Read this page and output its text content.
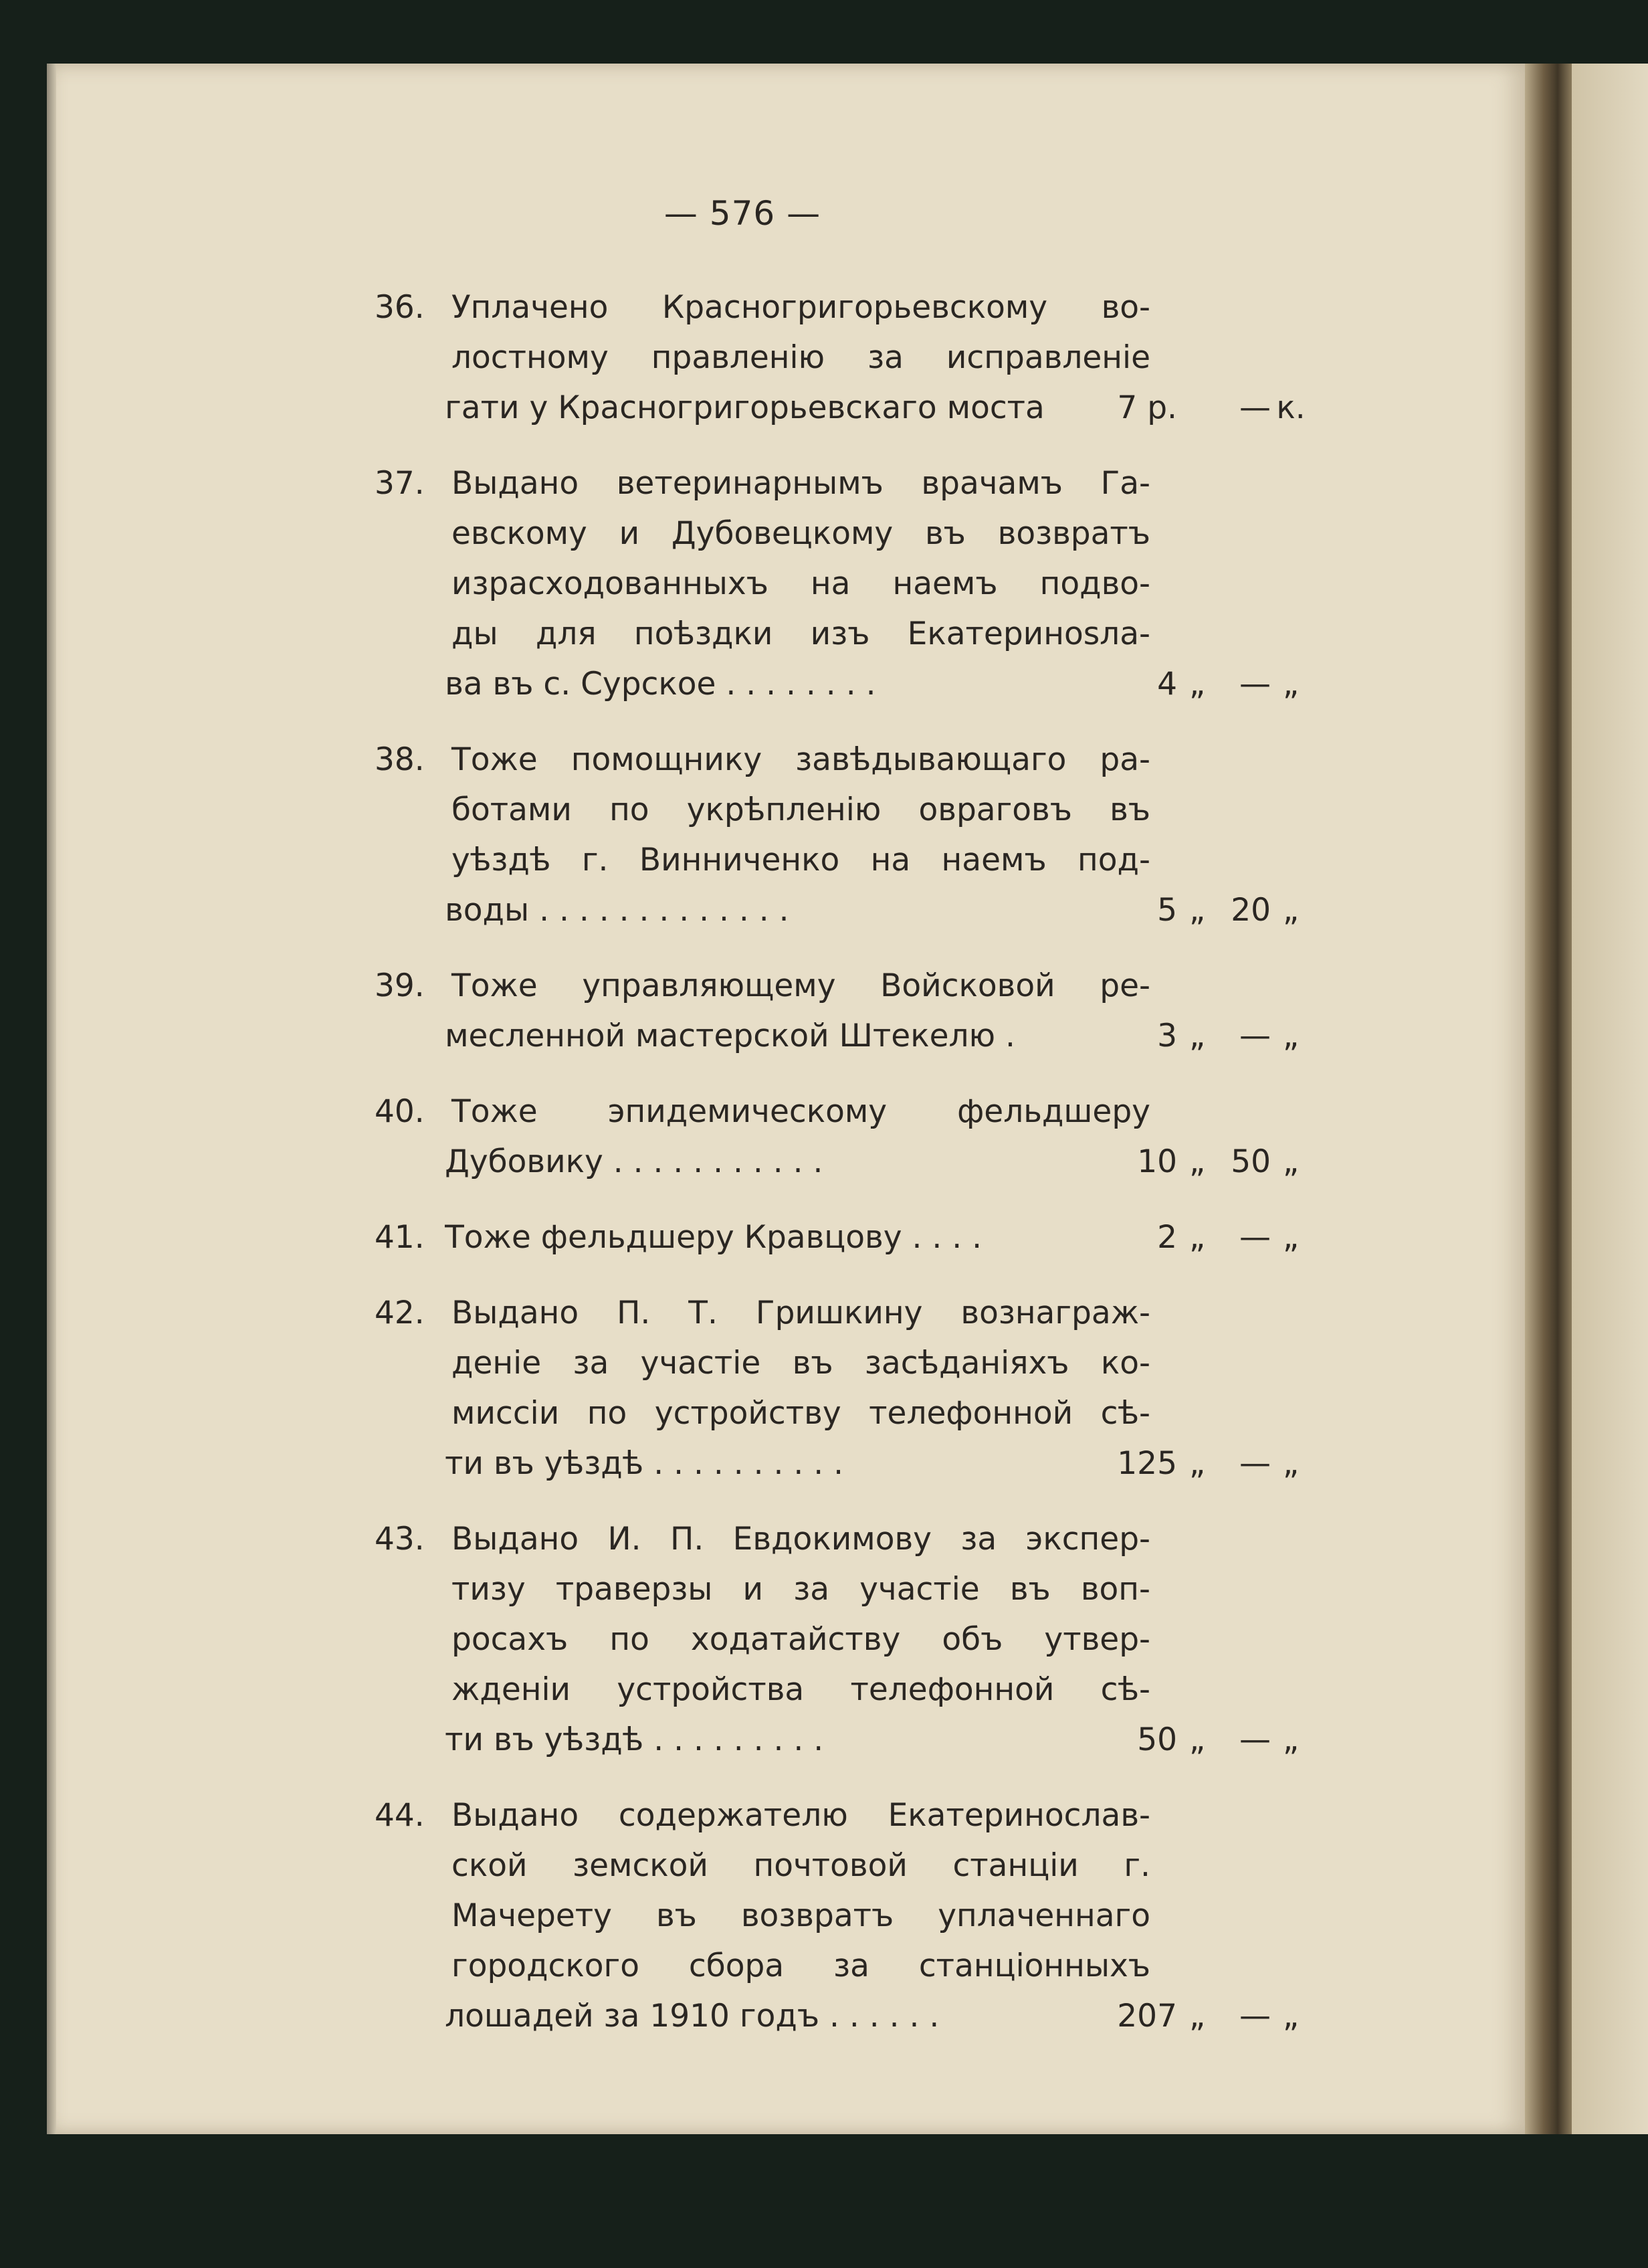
— 576 —
36. Уплачено Красногригорьевскому во-
лостному правленію за исправленіе
гати у Красногригорьевскаго моста	7 р.	— к.
37. Выдано ветеринарнымъ врачамъ Га-
евскому и Дубовецкому въ возвратъ
израсходованныхъ на наемъ подво-
ды для поѣздки изъ Екатеринosла-
ва въ с. Сурское . . . . . . . .	4 „	— „
38. Тоже помощнику завѣдывающаго ра-
ботами по укрѣпленію овраговъ въ
уѣздѣ г. Винниченко на наемъ под-
воды . . . . . . . . . . . . .	5 „ 20 „
39. Тоже управляющему Войсковой ре-
месленной мастерской Штекелю .	3 „	— „
40. Тоже эпидемическому фельдшеру
Дубовику . . . . . . . . . . .	10 „ 50 „
41. Тоже фельдшеру Кравцову . . . .	2 „	— „
42. Выдано П. Т. Гришкину вознаграж-
деніе за участіе въ засѣданіяхъ ко-
миссіи по устройству телефонной сѣ-
ти въ уѣздѣ . . . . . . . . . .	125 „	— „
43. Выдано И. П. Евдокимову за экспер-
тизу траверзы и за участіе въ воп-
росахъ по ходатайству объ утвер-
жденіи устройства телефонной сѣ-
ти въ уѣздѣ . . . . . . . . .	50 „	— „
44. Выдано содержателю Екатеринослав-
ской земской почтовой станціи г.
Мачерету въ возвратъ уплаченнаго
городского сбора за станціонныхъ
лошадей за 1910 годъ . . . . . .	207 „	— „
